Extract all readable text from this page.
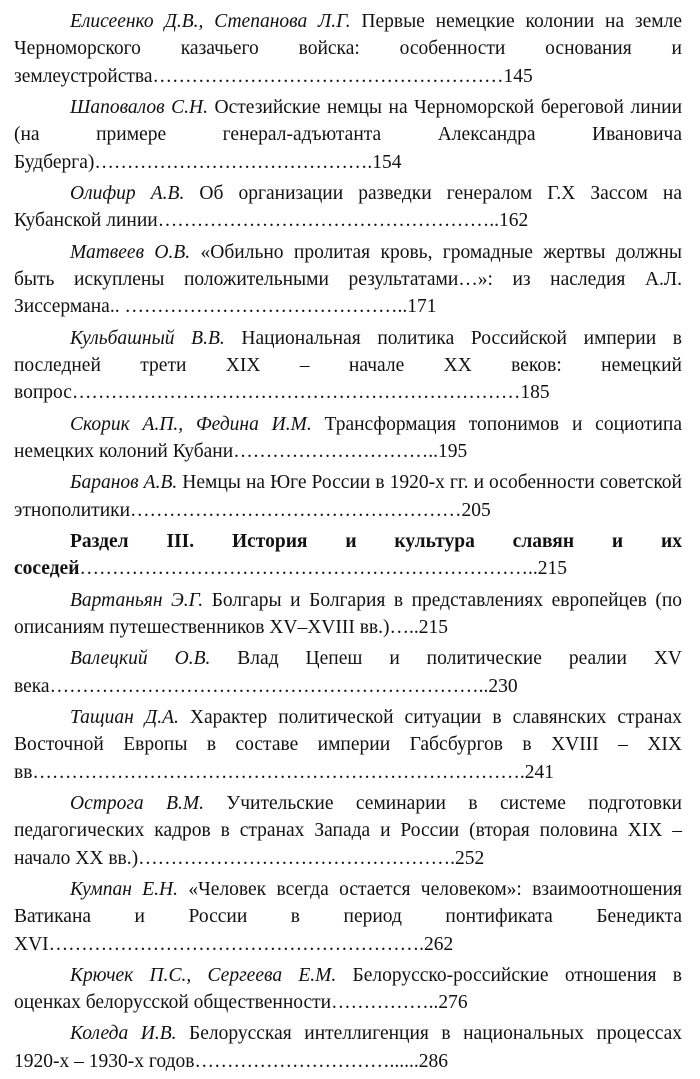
Елисеенко Д.В., Степанова Л.Г. Первые немецкие колонии на земле Черноморского казачьего войска: особенности основания и землеустройства………………………………………………145

Шаповалов С.Н. Остезийские немцы на Черноморской береговой линии (на примере генерал-адъютанта Александра Ивановича Будберга)…………………………………….154

Олифир А.В. Об организации разведки генералом Г.Х Зассом на Кубанской линии……………………………………………..162

Матвеев О.В. «Обильно пролитая кровь, громадные жертвы должны быть искуплены положительными результатами…»: из наследия А.Л. Зиссермана.. ……………………………………..171

Кульбашный В.В. Национальная политика Российской империи в последней трети XIX – начале XX веков: немецкий вопрос……………………………………………………………185

Скорик А.П., Федина И.М. Трансформация топонимов и социотипа немецких колоний Кубани…………………………..195

Баранов А.В. Немцы на Юге России в 1920-х гг. и особенности советской этнополитики……………………………………………205

Раздел III. История и культура славян и их соседей……………………………………………………………..215

Вартаньян Э.Г. Болгары и Болгария в представлениях европейцев (по описаниям путешественников XV–XVIII вв.)…..215

Валецкий О.В. Влад Цепеш и политические реалии XV века…………………………………………………………..230

Тащиан Д.А. Характер политической ситуации в славянских странах Восточной Европы в составе империи Габсбургов в XVIII – XIX вв………………………………………………………………….241

Острога В.М. Учительские семинарии в системе подготовки педагогических кадров в странах Запада и России (вторая половина XIX – начало XX вв.)………………………………………….252

Кумпан Е.Н. «Человек всегда остается человеком»: взаимоотношения Ватикана и России в период понтификата Бенедикта XVI………………………………………………….262

Крючек П.С., Сергеева Е.М. Белорусско-российские отношения в оценках белорусской общественности……………..276

Коледа И.В. Белорусская интеллигенция в национальных процессах 1920-х – 1930-х годов…………………………......286
